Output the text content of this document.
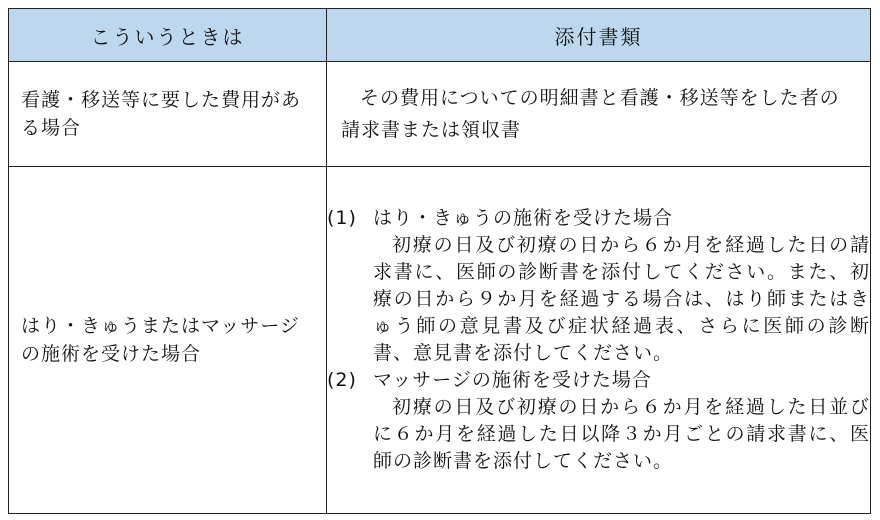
こういうときは	添付書類

看護・移送等に要した費用がある場合	その費用についての明細書と看護・移送等をした者の請求書または領収書

はり・きゅうまたはマッサージの施術を受けた場合	(1) はり・きゅうの施術を受けた場合
初療の日及び初療の日から６か月を経過した日の請求書に、医師の診断書を添付してください。また、初療の日から９か月を経過する場合は、はり師またはきゅう師の意見書及び症状経過表、さらに医師の診断書、意見書を添付してください。
(2) マッサージの施術を受けた場合
初療の日及び初療の日から６か月を経過した日並びに６か月を経過した日以降３か月ごとの請求書に、医師の診断書を添付してください。
